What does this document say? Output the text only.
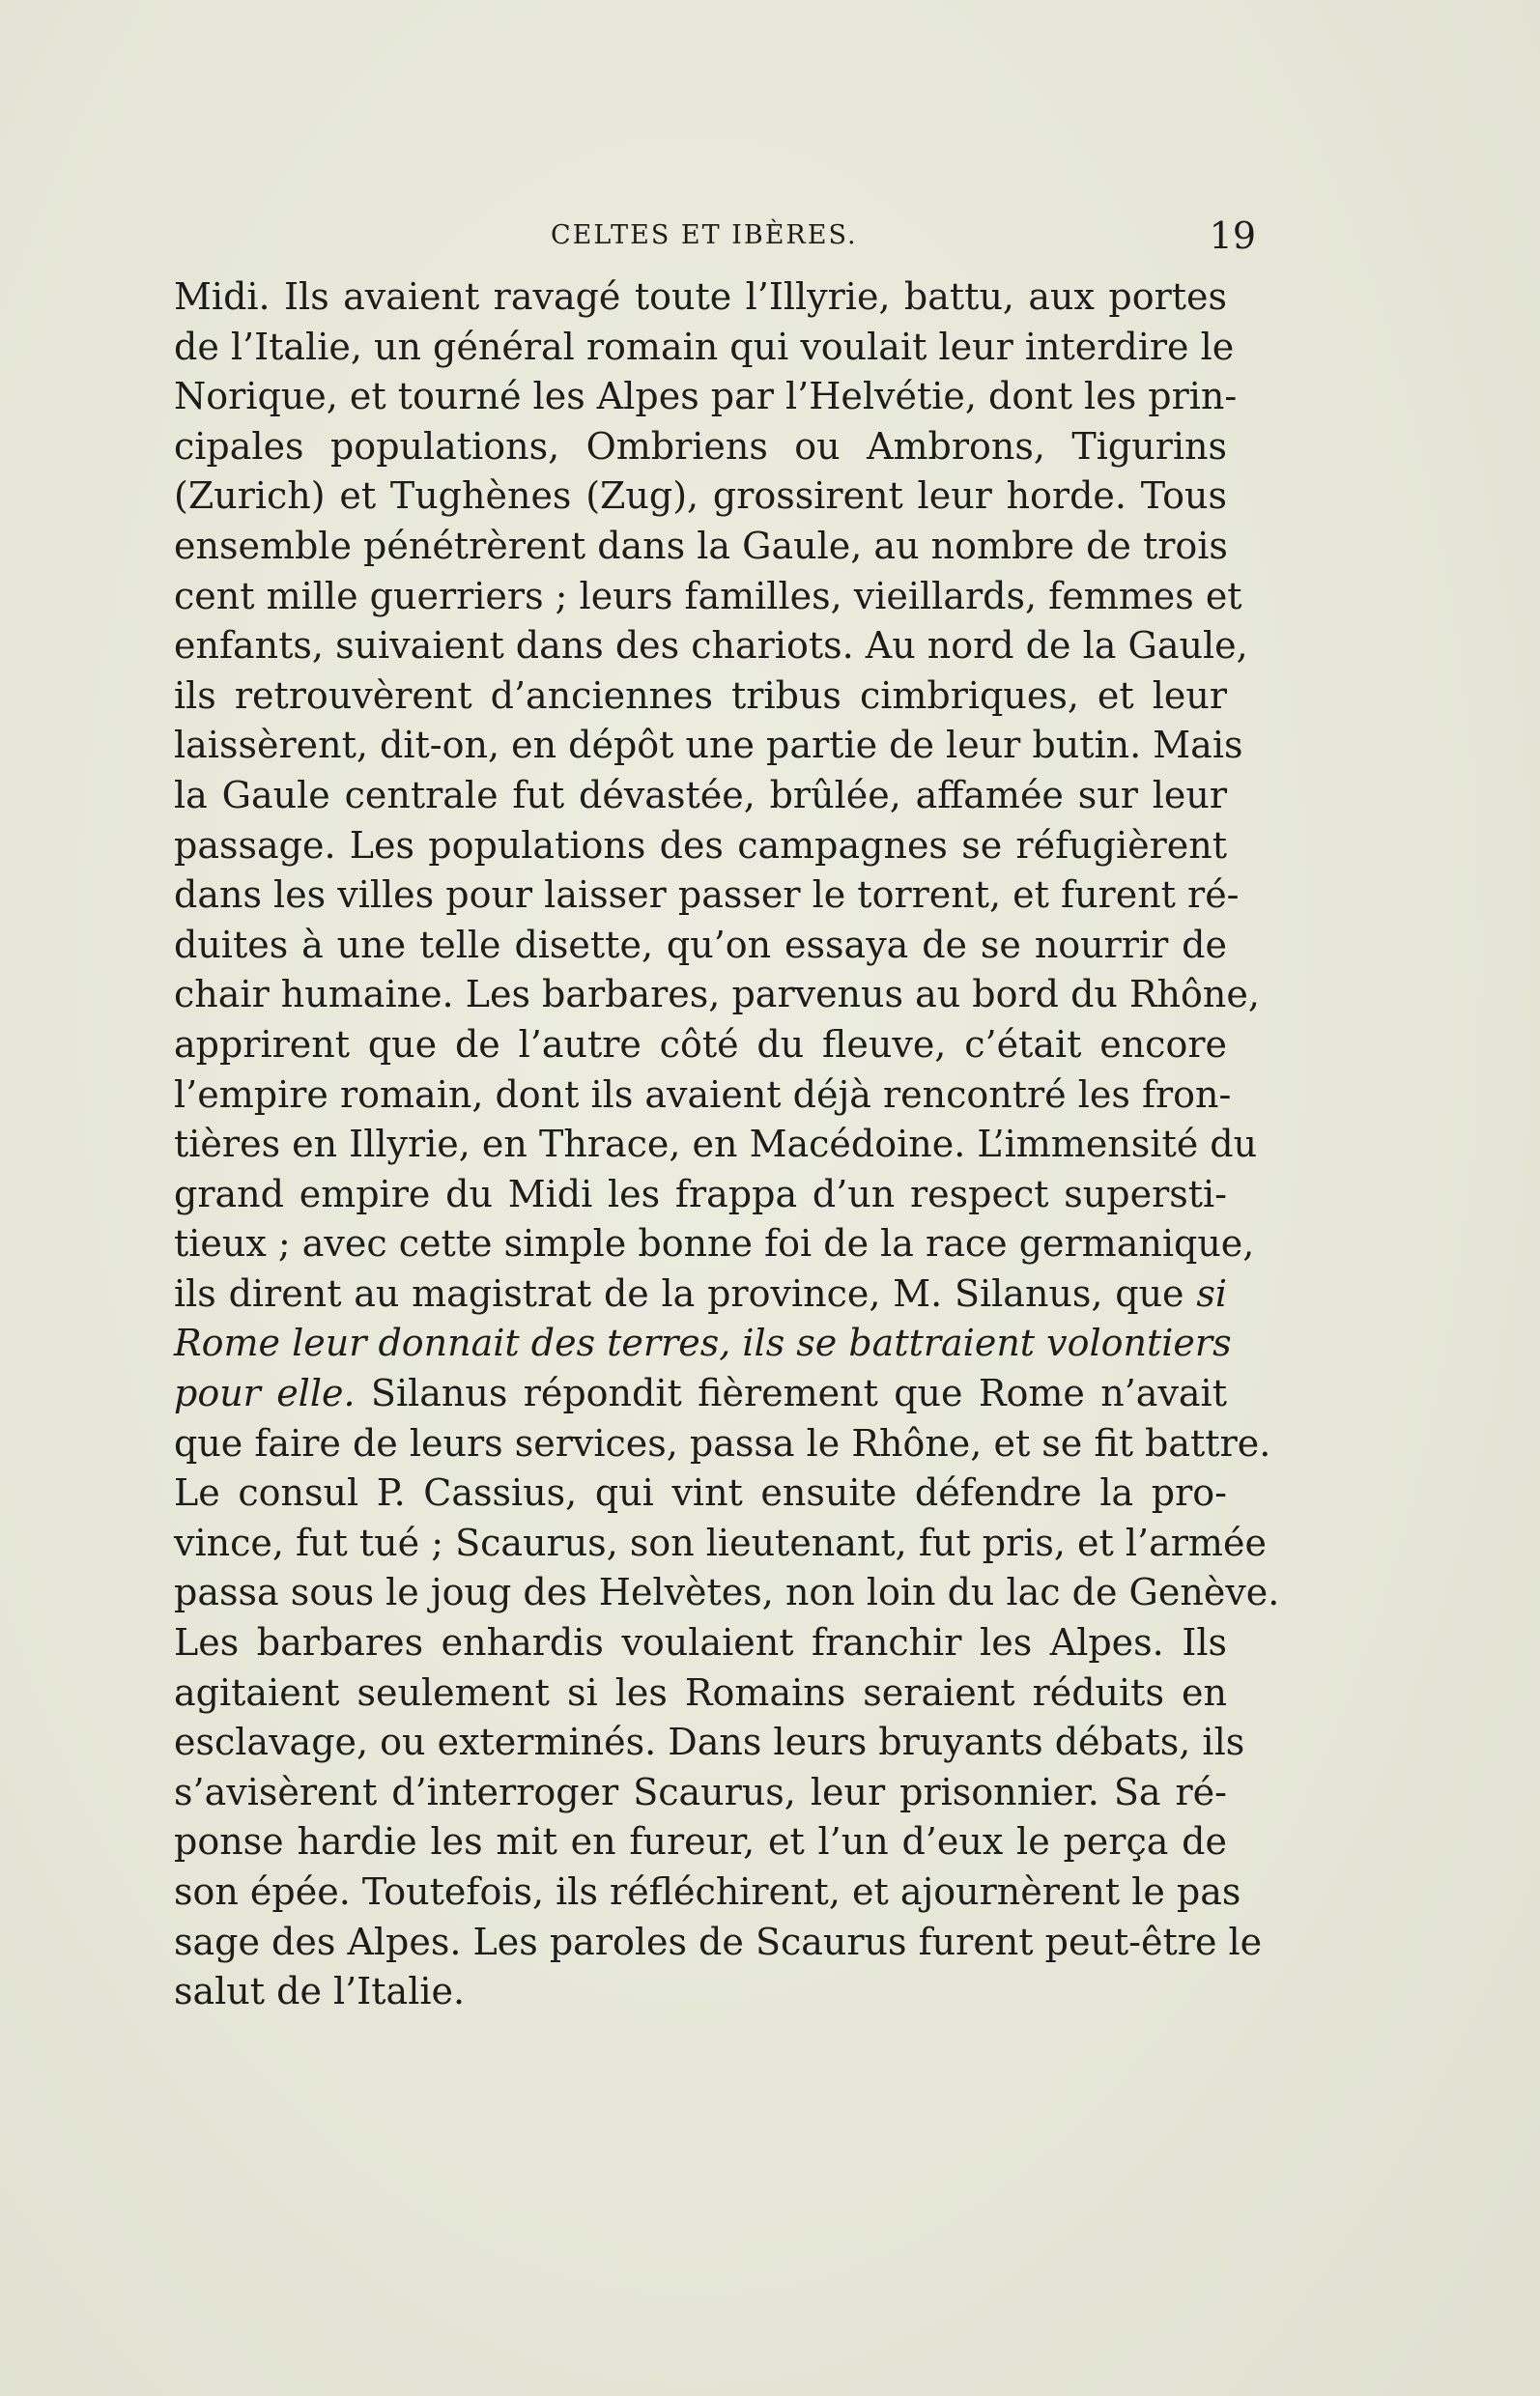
CELTES ET IBÈRES.	19
Midi. Ils avaient ravagé toute l’Illyrie, battu, aux portes
de l’Italie, un général romain qui voulait leur interdire le
Norique, et tourné les Alpes par l’Helvétie, dont les prin-
cipales populations, Ombriens ou Ambrons, Tigurins
(Zurich) et Tughènes (Zug), grossirent leur horde. Tous
ensemble pénétrèrent dans la Gaule, au nombre de trois
cent mille guerriers ; leurs familles, vieillards, femmes et
enfants, suivaient dans des chariots. Au nord de la Gaule,
ils retrouvèrent d’anciennes tribus cimbriques, et leur
laissèrent, dit-on, en dépôt une partie de leur butin. Mais
la Gaule centrale fut dévastée, brûlée, affamée sur leur
passage. Les populations des campagnes se réfugièrent
dans les villes pour laisser passer le torrent, et furent ré-
duites à une telle disette, qu’on essaya de se nourrir de
chair humaine. Les barbares, parvenus au bord du Rhône,
apprirent que de l’autre côté du fleuve, c’était encore
l’empire romain, dont ils avaient déjà rencontré les fron-
tières en Illyrie, en Thrace, en Macédoine. L’immensité du
grand empire du Midi les frappa d’un respect supersti-
tieux ; avec cette simple bonne foi de la race germanique,
ils dirent au magistrat de la province, M. Silanus, que si
Rome leur donnait des terres, ils se battraient volontiers
pour elle. Silanus répondit fièrement que Rome n’avait
que faire de leurs services, passa le Rhône, et se fit battre.
Le consul P. Cassius, qui vint ensuite défendre la pro-
vince, fut tué ; Scaurus, son lieutenant, fut pris, et l’armée
passa sous le joug des Helvètes, non loin du lac de Genève.
Les barbares enhardis voulaient franchir les Alpes. Ils
agitaient seulement si les Romains seraient réduits en
esclavage, ou exterminés. Dans leurs bruyants débats, ils
s’avisèrent d’interroger Scaurus, leur prisonnier. Sa ré-
ponse hardie les mit en fureur, et l’un d’eux le perça de
son épée. Toutefois, ils réfléchirent, et ajournèrent le pas
sage des Alpes. Les paroles de Scaurus furent peut-être le
salut de l’Italie.
